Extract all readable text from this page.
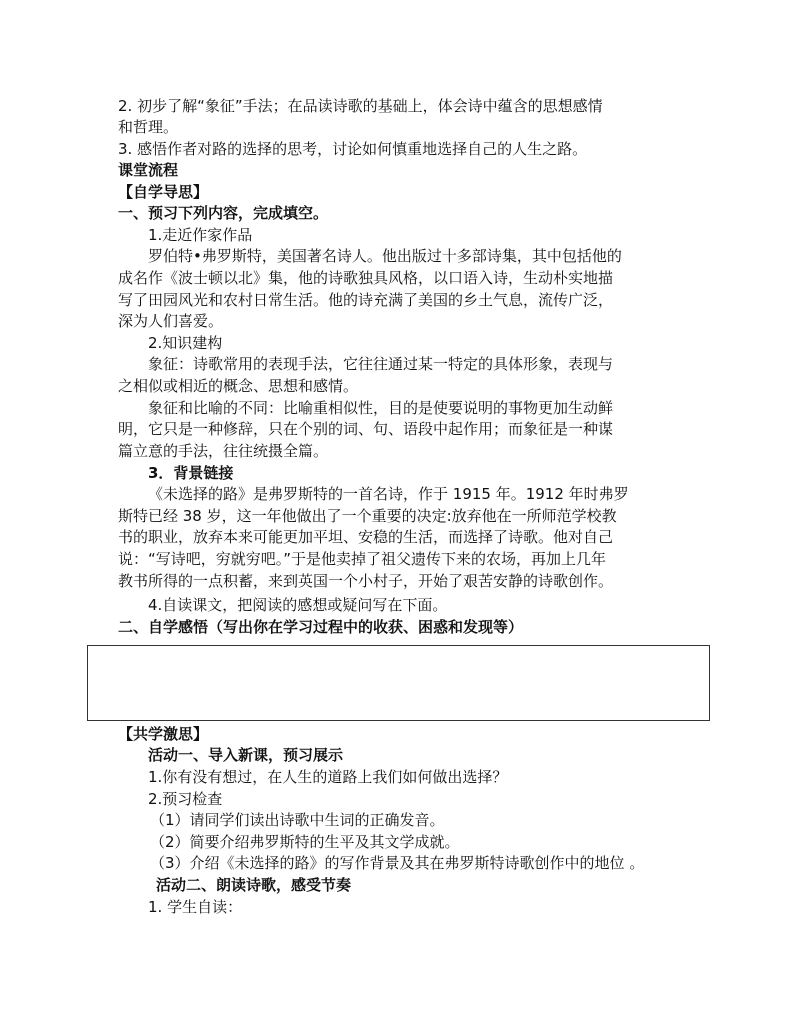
2. 初步了解“象征”手法；在品读诗歌的基础上，体会诗中蕴含的思想感情
和哲理。
3. 感悟作者对路的选择的思考，讨论如何慎重地选择自己的人生之路。
课堂流程
【自学导思】
一、预习下列内容，完成填空。
1.走近作家作品
罗伯特•弗罗斯特，美国著名诗人。他出版过十多部诗集，其中包括他的
成名作《波士顿以北》集，他的诗歌独具风格，以口语入诗，生动朴实地描
写了田园风光和农村日常生活。他的诗充满了美国的乡土气息，流传广泛，
深为人们喜爱。
2.知识建构
象征：诗歌常用的表现手法，它往往通过某一特定的具体形象，表现与
之相似或相近的概念、思想和感情。
象征和比喻的不同：比喻重相似性，目的是使要说明的事物更加生动鲜
明，它只是一种修辞，只在个别的词、句、语段中起作用；而象征是一种谋
篇立意的手法，往往统摄全篇。
3．背景链接
《未选择的路》是弗罗斯特的一首名诗，作于 1915 年。1912 年时弗罗
斯特已经 38 岁，这一年他做出了一个重要的决定:放弃他在一所师范学校教
书的职业，放弃本来可能更加平坦、安稳的生活，而选择了诗歌。他对自己
说：“写诗吧，穷就穷吧。”于是他卖掉了祖父遗传下来的农场，再加上几年
教书所得的一点积蓄，来到英国一个小村子，开始了艰苦安静的诗歌创作。
4.自读课文，把阅读的感想或疑问写在下面。
二、自学感悟（写出你在学习过程中的收获、困惑和发现等）
【共学激思】
活动一、导入新课，预习展示
1.你有没有想过，在人生的道路上我们如何做出选择？
2.预习检查
（1）请同学们读出诗歌中生词的正确发音。
（2）简要介绍弗罗斯特的生平及其文学成就。
（3）介绍《未选择的路》的写作背景及其在弗罗斯特诗歌创作中的地位 。
活动二、朗读诗歌，感受节奏
1. 学生自读：
